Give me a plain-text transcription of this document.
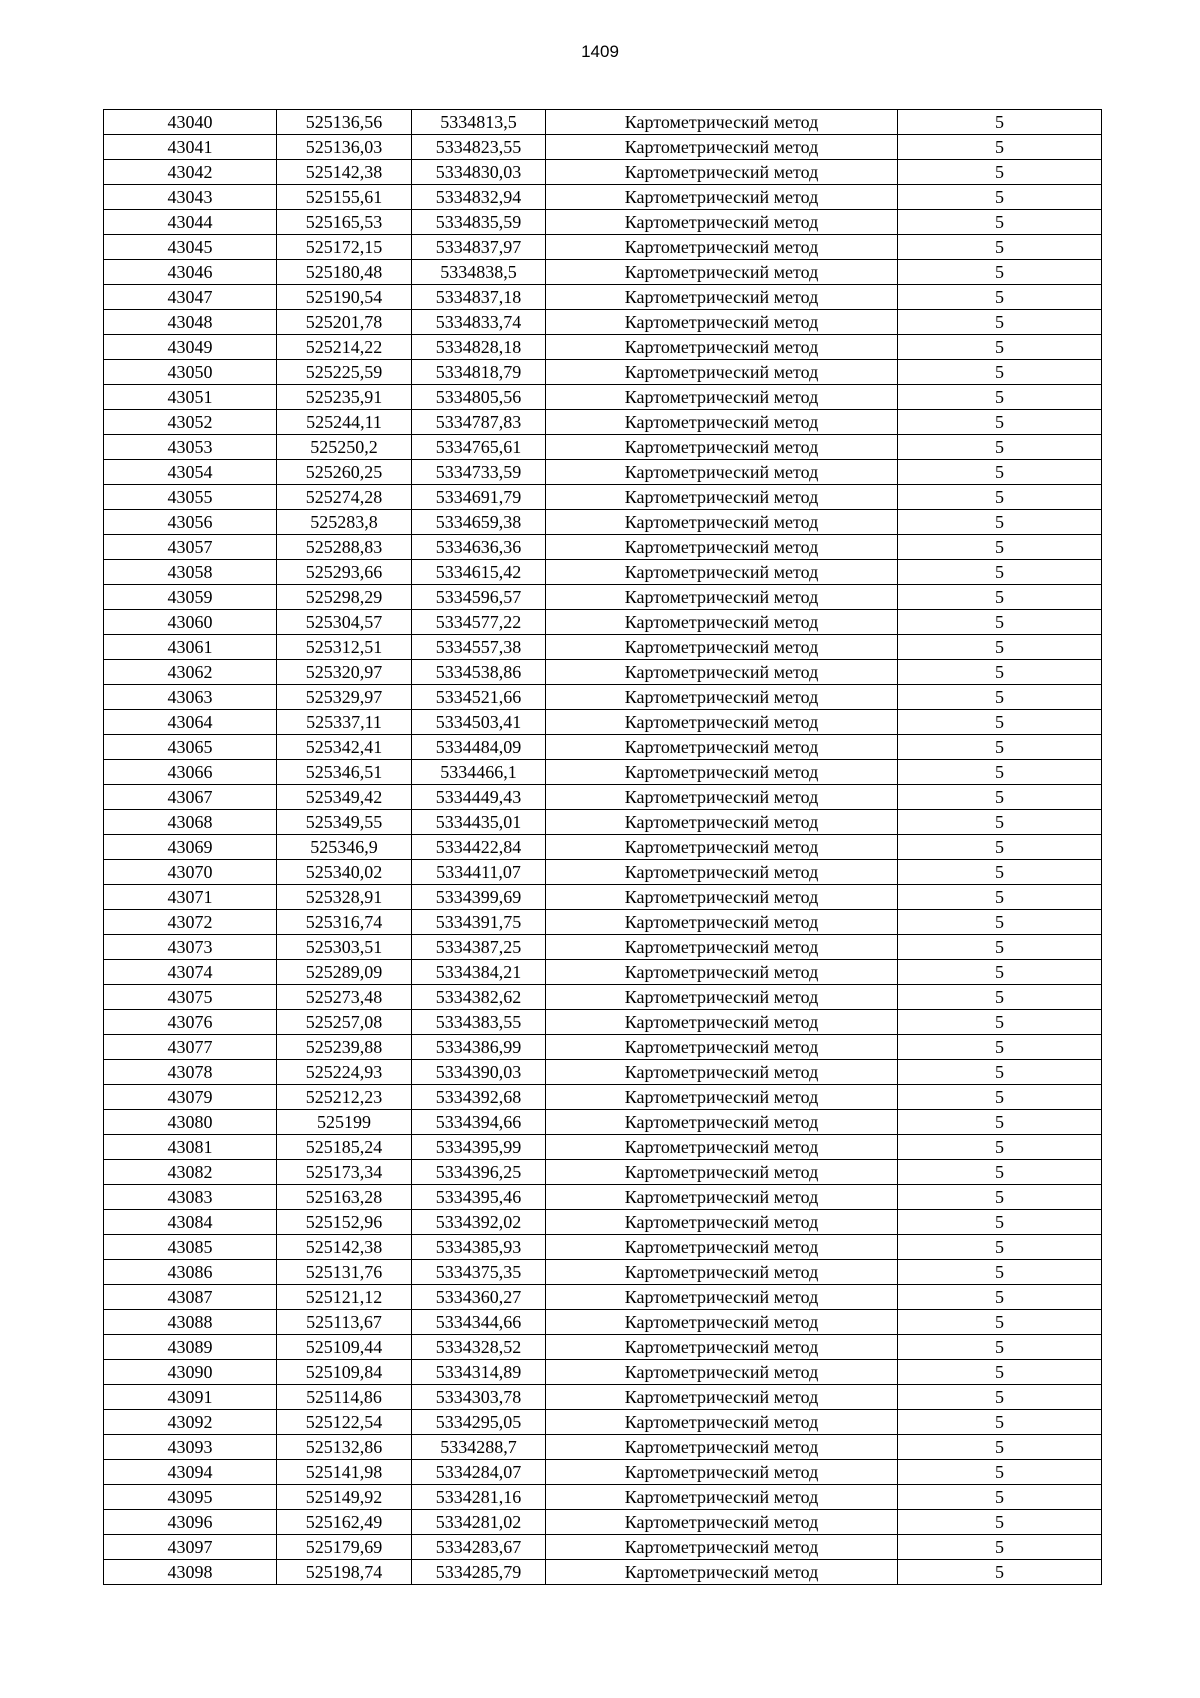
1409
43040	525136,56	5334813,5	Картометрический метод	5
43041	525136,03	5334823,55	Картометрический метод	5
43042	525142,38	5334830,03	Картометрический метод	5
43043	525155,61	5334832,94	Картометрический метод	5
43044	525165,53	5334835,59	Картометрический метод	5
43045	525172,15	5334837,97	Картометрический метод	5
43046	525180,48	5334838,5	Картометрический метод	5
43047	525190,54	5334837,18	Картометрический метод	5
43048	525201,78	5334833,74	Картометрический метод	5
43049	525214,22	5334828,18	Картометрический метод	5
43050	525225,59	5334818,79	Картометрический метод	5
43051	525235,91	5334805,56	Картометрический метод	5
43052	525244,11	5334787,83	Картометрический метод	5
43053	525250,2	5334765,61	Картометрический метод	5
43054	525260,25	5334733,59	Картометрический метод	5
43055	525274,28	5334691,79	Картометрический метод	5
43056	525283,8	5334659,38	Картометрический метод	5
43057	525288,83	5334636,36	Картометрический метод	5
43058	525293,66	5334615,42	Картометрический метод	5
43059	525298,29	5334596,57	Картометрический метод	5
43060	525304,57	5334577,22	Картометрический метод	5
43061	525312,51	5334557,38	Картометрический метод	5
43062	525320,97	5334538,86	Картометрический метод	5
43063	525329,97	5334521,66	Картометрический метод	5
43064	525337,11	5334503,41	Картометрический метод	5
43065	525342,41	5334484,09	Картометрический метод	5
43066	525346,51	5334466,1	Картометрический метод	5
43067	525349,42	5334449,43	Картометрический метод	5
43068	525349,55	5334435,01	Картометрический метод	5
43069	525346,9	5334422,84	Картометрический метод	5
43070	525340,02	5334411,07	Картометрический метод	5
43071	525328,91	5334399,69	Картометрический метод	5
43072	525316,74	5334391,75	Картометрический метод	5
43073	525303,51	5334387,25	Картометрический метод	5
43074	525289,09	5334384,21	Картометрический метод	5
43075	525273,48	5334382,62	Картометрический метод	5
43076	525257,08	5334383,55	Картометрический метод	5
43077	525239,88	5334386,99	Картометрический метод	5
43078	525224,93	5334390,03	Картометрический метод	5
43079	525212,23	5334392,68	Картометрический метод	5
43080	525199	5334394,66	Картометрический метод	5
43081	525185,24	5334395,99	Картометрический метод	5
43082	525173,34	5334396,25	Картометрический метод	5
43083	525163,28	5334395,46	Картометрический метод	5
43084	525152,96	5334392,02	Картометрический метод	5
43085	525142,38	5334385,93	Картометрический метод	5
43086	525131,76	5334375,35	Картометрический метод	5
43087	525121,12	5334360,27	Картометрический метод	5
43088	525113,67	5334344,66	Картометрический метод	5
43089	525109,44	5334328,52	Картометрический метод	5
43090	525109,84	5334314,89	Картометрический метод	5
43091	525114,86	5334303,78	Картометрический метод	5
43092	525122,54	5334295,05	Картометрический метод	5
43093	525132,86	5334288,7	Картометрический метод	5
43094	525141,98	5334284,07	Картометрический метод	5
43095	525149,92	5334281,16	Картометрический метод	5
43096	525162,49	5334281,02	Картометрический метод	5
43097	525179,69	5334283,67	Картометрический метод	5
43098	525198,74	5334285,79	Картометрический метод	5
